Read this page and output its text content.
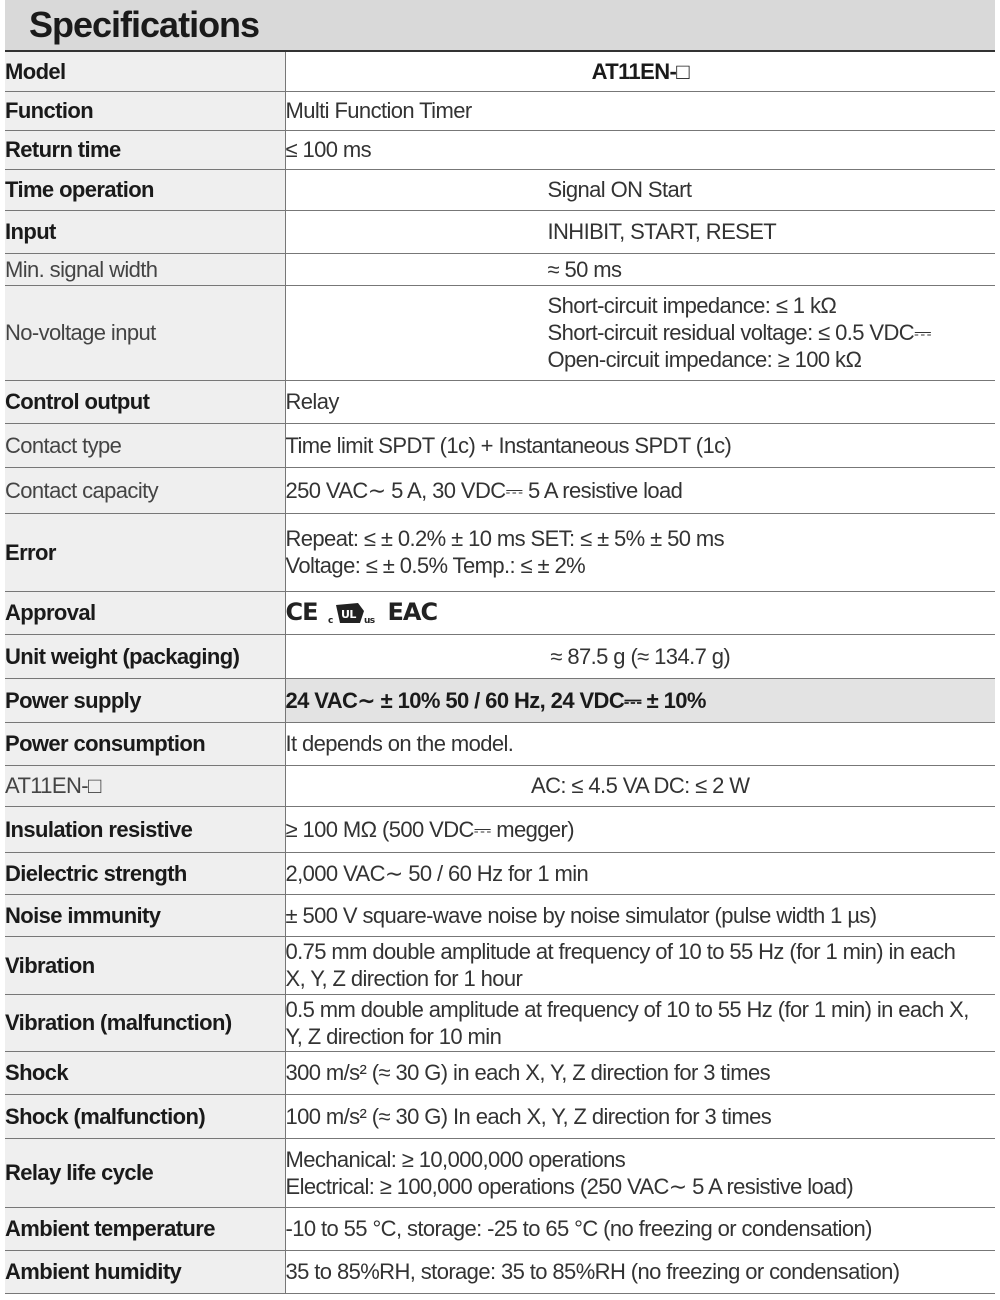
Specifications
Model	AT11EN-□
Function	Multi Function Timer
Return time	≤ 100 ms
Time operation	Signal ON Start
Input	INHIBIT, START, RESET
Min. signal width	≈ 50 ms
No-voltage input	Short-circuit impedance: ≤ 1 kΩ
Short-circuit residual voltage: ≤ 0.5 VDC⎓
Open-circuit impedance: ≥ 100 kΩ

Control output	Relay
Contact type	Time limit SPDT (1c) + Instantaneous SPDT (1c)
Contact capacity	250 VAC∼ 5 A, 30 VDC⎓ 5 A resistive load
Error	Repeat: ≤ ± 0.2% ± 10 ms SET: ≤ ± 5% ± 50 ms
Voltage: ≤ ± 0.5% Temp.: ≤ ± 2%

Approval	CE c UL us EAC

Unit weight (packaging)	≈ 87.5 g (≈ 134.7 g)
Power supply	24 VAC∼ ± 10% 50 / 60 Hz, 24 VDC⎓ ± 10%
Power consumption	It depends on the model.
AT11EN-□	AC: ≤ 4.5 VA DC: ≤ 2 W
Insulation resistive	≥ 100 MΩ (500 VDC⎓ megger)
Dielectric strength	2,000 VAC∼ 50 / 60 Hz for 1 min
Noise immunity	± 500 V square-wave noise by noise simulator (pulse width 1 µs)
Vibration	0.75 mm double amplitude at frequency of 10 to 55 Hz (for 1 min) in each
X, Y, Z direction for 1 hour

Vibration (malfunction)	0.5 mm double amplitude at frequency of 10 to 55 Hz (for 1 min) in each X,
Y, Z direction for 10 min

Shock	300 m/s² (≈ 30 G) in each X, Y, Z direction for 3 times
Shock (malfunction)	100 m/s² (≈ 30 G) In each X, Y, Z direction for 3 times
Relay life cycle	Mechanical: ≥ 10,000,000 operations
Electrical: ≥ 100,000 operations (250 VAC∼ 5 A resistive load)

Ambient temperature	-10 to 55 °C, storage: -25 to 65 °C (no freezing or condensation)
Ambient humidity	35 to 85%RH, storage: 35 to 85%RH (no freezing or condensation)
